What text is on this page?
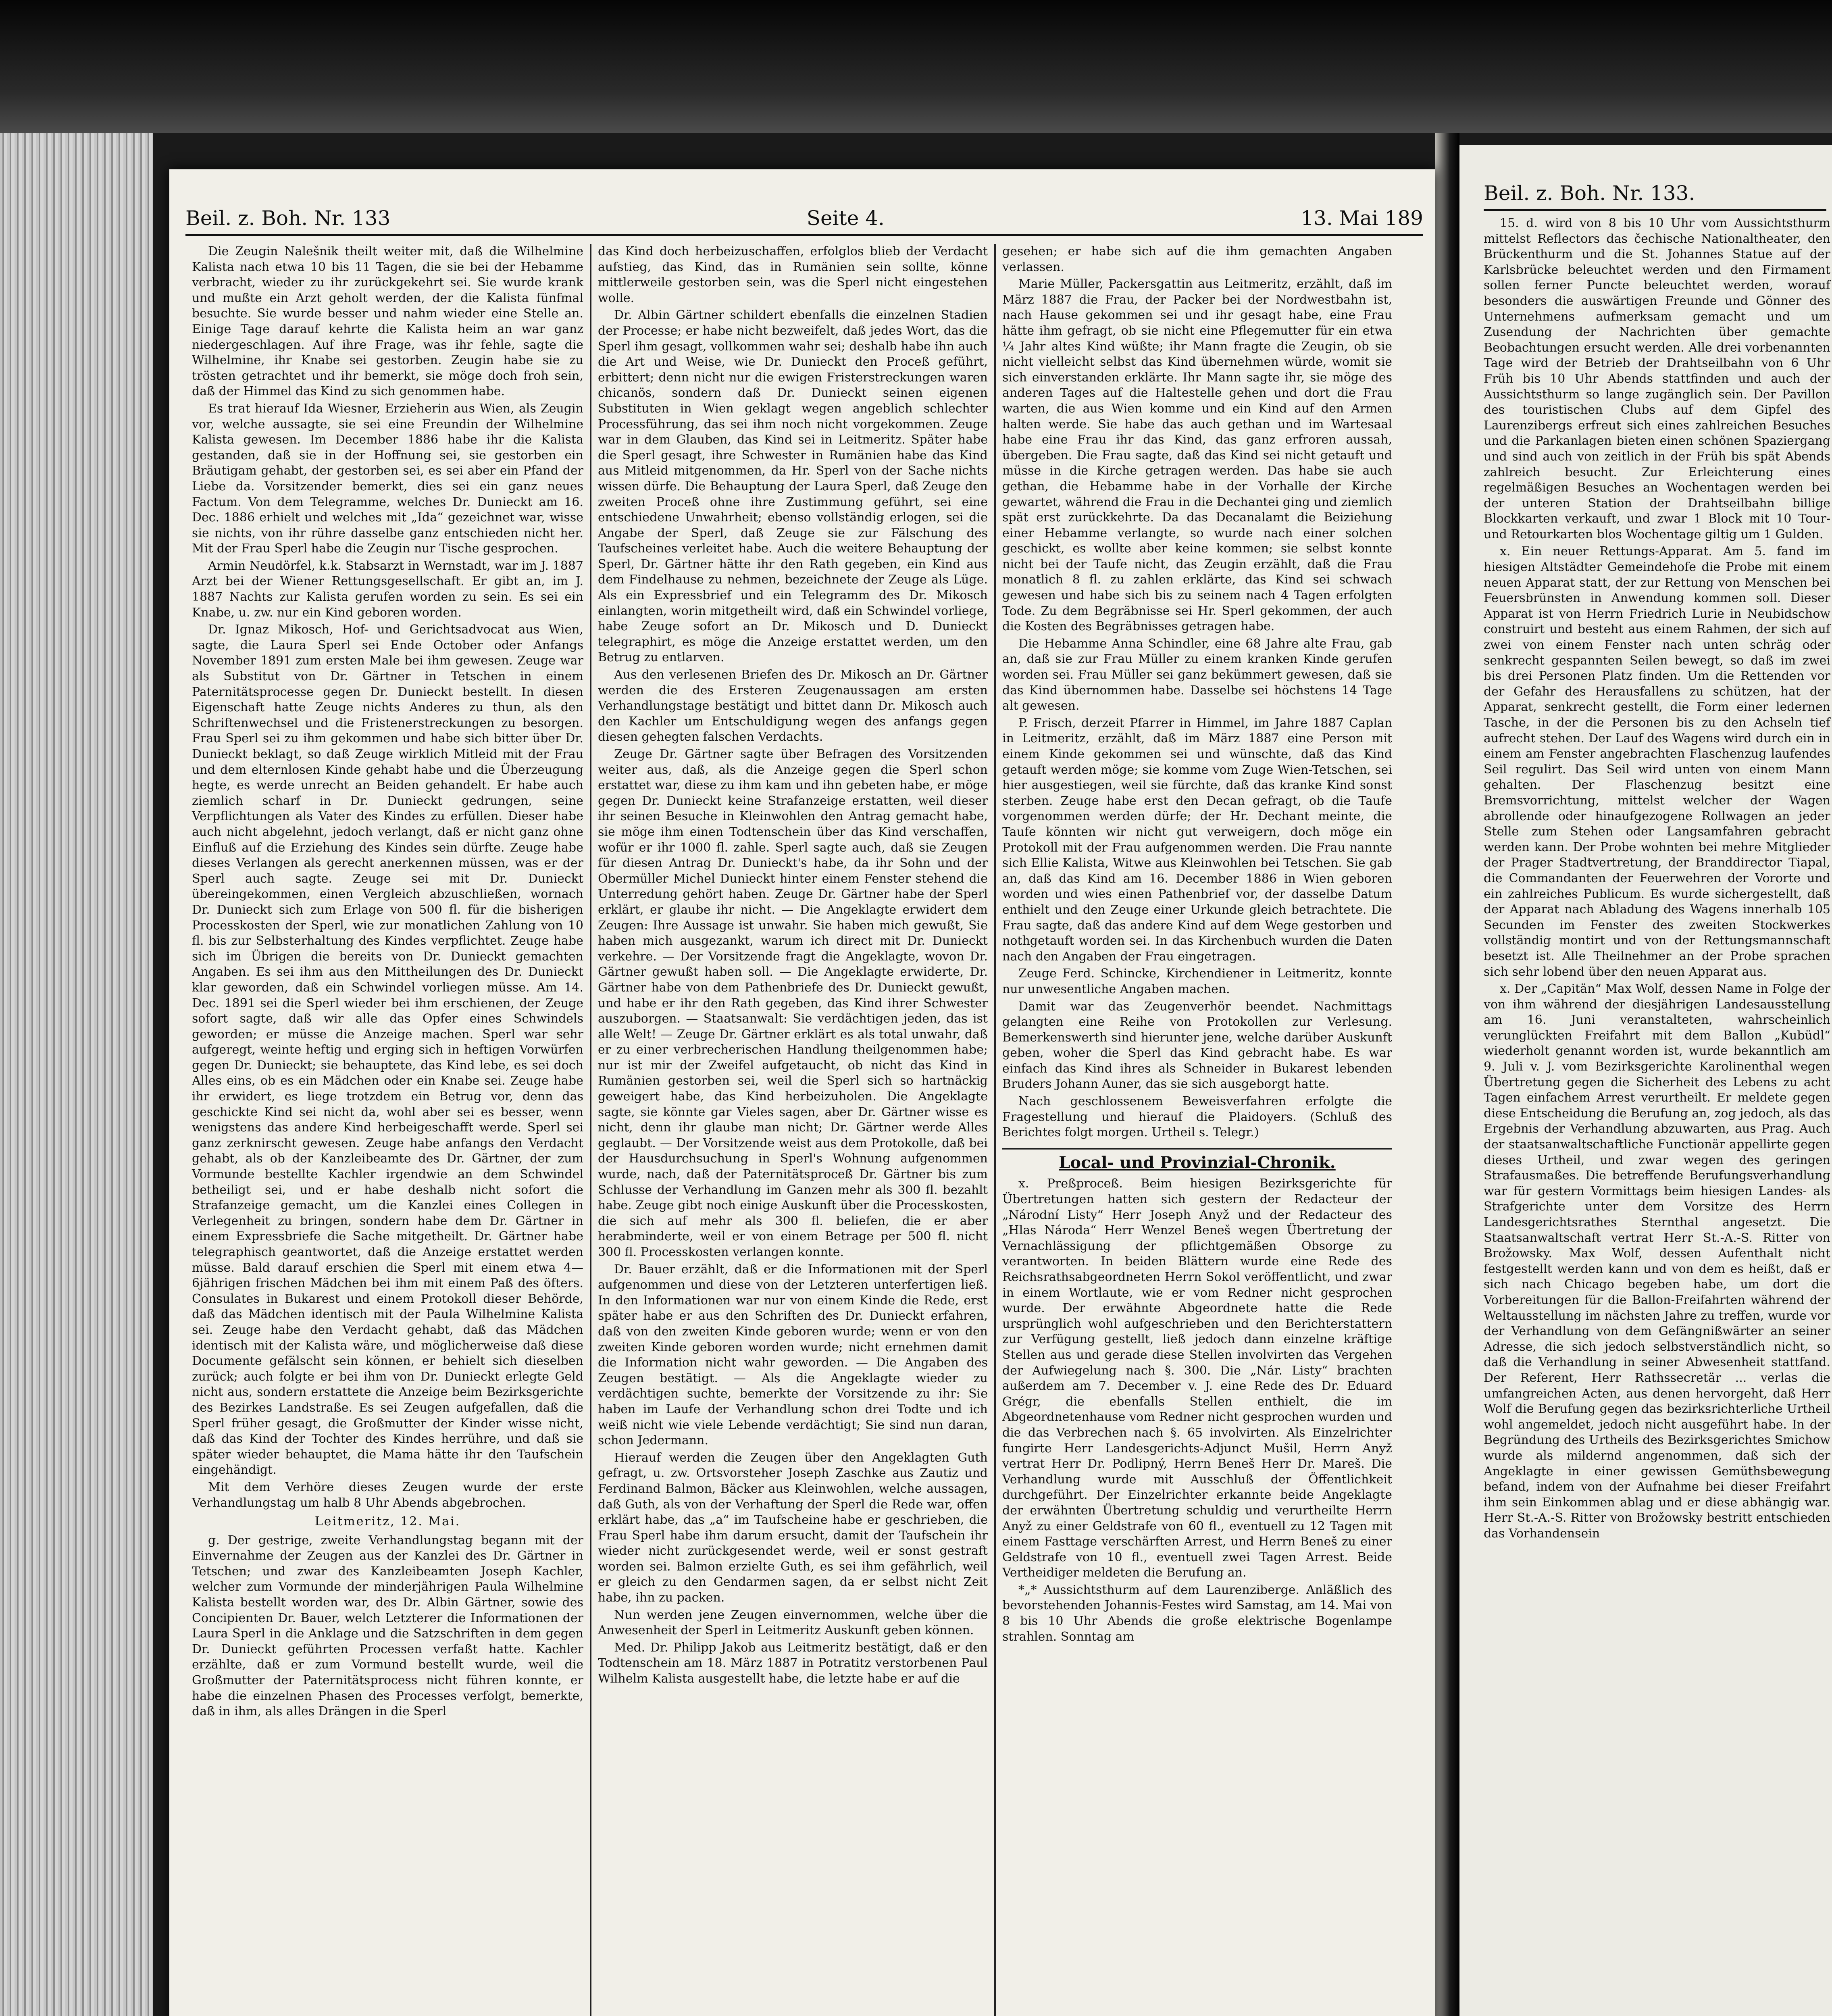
Beil. z. Boh. Nr. 133	Seite 4.	13. Mai 189

Die Zeugin Nalešnik theilt weiter mit, daß die Wilhelmine Kalista nach etwa 10 bis 11 Tagen, die sie bei der Hebamme verbracht, wieder zu ihr zurückgekehrt sei. Sie wurde krank und mußte ein Arzt geholt werden, der die Kalista fünfmal besuchte. Sie wurde besser und nahm wieder eine Stelle an. Einige Tage darauf kehrte die Kalista heim an war ganz niedergeschlagen. Auf ihre Frage, was ihr fehle, sagte die Wilhelmine, ihr Knabe sei gestorben. Zeugin habe sie zu trösten getrachtet und ihr bemerkt, sie möge doch froh sein, daß der Himmel das Kind zu sich genommen habe.

Es trat hierauf Ida Wiesner, Erzieherin aus Wien, als Zeugin vor, welche aussagte, sie sei eine Freundin der Wilhelmine Kalista gewesen. Im December 1886 habe ihr die Kalista gestanden, daß sie in der Hoffnung sei, sie gestorben ein Bräutigam gehabt, der gestorben sei, es sei aber ein Pfand der Liebe da. Vorsitzender bemerkt, dies sei ein ganz neues Factum. Von dem Telegramme, welches Dr. Dunieckt am 16. Dec. 1886 erhielt und welches mit „Ida“ gezeichnet war, wisse sie nichts, von ihr rühre dasselbe ganz entschieden nicht her. Mit der Frau Sperl habe die Zeugin nur Tische gesprochen.

Armin Neudörfel, k.k. Stabsarzt in Wernstadt, war im J. 1887 Arzt bei der Wiener Rettungsgesellschaft. Er gibt an, im J. 1887 Nachts zur Kalista gerufen worden zu sein. Es sei ein Knabe, u. zw. nur ein Kind geboren worden.

Dr. Ignaz Mikosch, Hof- und Gerichtsadvocat aus Wien, sagte, die Laura Sperl sei Ende October oder Anfangs November 1891 zum ersten Male bei ihm gewesen. Zeuge war als Substitut von Dr. Gärtner in Tetschen in einem Paternitätsprocesse gegen Dr. Dunieckt bestellt. In diesen Eigenschaft hatte Zeuge nichts Anderes zu thun, als den Schriftenwechsel und die Fristenerstreckungen zu besorgen. Frau Sperl sei zu ihm gekommen und habe sich bitter über Dr. Dunieckt beklagt, so daß Zeuge wirklich Mitleid mit der Frau und dem elternlosen Kinde gehabt habe und die Überzeugung hegte, es werde unrecht an Beiden gehandelt. Er habe auch ziemlich scharf in Dr. Dunieckt gedrungen, seine Verpflichtungen als Vater des Kindes zu erfüllen. Dieser habe auch nicht abgelehnt, jedoch verlangt, daß er nicht ganz ohne Einfluß auf die Erziehung des Kindes sein dürfte. Zeuge habe dieses Verlangen als gerecht anerkennen müssen, was er der Sperl auch sagte. Zeuge sei mit Dr. Dunieckt übereingekommen, einen Vergleich abzuschließen, wornach Dr. Dunieckt sich zum Erlage von 500 fl. für die bisherigen Processkosten der Sperl, wie zur monatlichen Zahlung von 10 fl. bis zur Selbsterhaltung des Kindes verpflichtet. Zeuge habe sich im Übrigen die bereits von Dr. Dunieckt gemachten Angaben. Es sei ihm aus den Mittheilungen des Dr. Dunieckt klar geworden, daß ein Schwindel vorliegen müsse. Am 14. Dec. 1891 sei die Sperl wieder bei ihm erschienen, der Zeuge sofort sagte, daß wir alle das Opfer eines Schwindels geworden; er müsse die Anzeige machen. Sperl war sehr aufgeregt, weinte heftig und erging sich in heftigen Vorwürfen gegen Dr. Dunieckt; sie behauptete, das Kind lebe, es sei doch Alles eins, ob es ein Mädchen oder ein Knabe sei. Zeuge habe ihr erwidert, es liege trotzdem ein Betrug vor, denn das geschickte Kind sei nicht da, wohl aber sei es besser, wenn wenigstens das andere Kind herbeigeschafft werde. Sperl sei ganz zerknirscht gewesen. Zeuge habe anfangs den Verdacht gehabt, als ob der Kanzleibeamte des Dr. Gärtner, der zum Vormunde bestellte Kachler irgendwie an dem Schwindel betheiligt sei, und er habe deshalb nicht sofort die Strafanzeige gemacht, um die Kanzlei eines Collegen in Verlegenheit zu bringen, sondern habe dem Dr. Gärtner in einem Expressbriefe die Sache mitgetheilt. Dr. Gärtner habe telegraphisch geantwortet, daß die Anzeige erstattet werden müsse. Bald darauf erschien die Sperl mit einem etwa 4—6jährigen frischen Mädchen bei ihm mit einem Paß des öfters. Consulates in Bukarest und einem Protokoll dieser Behörde, daß das Mädchen identisch mit der Paula Wilhelmine Kalista sei. Zeuge habe den Verdacht gehabt, daß das Mädchen identisch mit der Kalista wäre, und möglicherweise daß diese Documente gefälscht sein können, er behielt sich dieselben zurück; auch folgte er bei ihm von Dr. Dunieckt erlegte Geld nicht aus, sondern erstattete die Anzeige beim Bezirksgerichte des Bezirkes Landstraße. Es sei Zeugen aufgefallen, daß die Sperl früher gesagt, die Großmutter der Kinder wisse nicht, daß das Kind der Tochter des Kindes herrühre, und daß sie später wieder behauptet, die Mama hätte ihr den Taufschein eingehändigt.

Mit dem Verhöre dieses Zeugen wurde der erste Verhandlungstag um halb 8 Uhr Abends abgebrochen.

Leitmeritz, 12. Mai.

g. Der gestrige, zweite Verhandlungstag begann mit der Einvernahme der Zeugen aus der Kanzlei des Dr. Gärtner in Tetschen; und zwar des Kanzleibeamten Joseph Kachler, welcher zum Vormunde der minderjährigen Paula Wilhelmine Kalista bestellt worden war, des Dr. Albin Gärtner, sowie des Concipienten Dr. Bauer, welch Letzterer die Informationen der Laura Sperl in die Anklage und die Satzschriften in dem gegen Dr. Dunieckt geführten Processen verfaßt hatte. Kachler erzählte, daß er zum Vormund bestellt wurde, weil die Großmutter der Paternitätsprocess nicht führen konnte, er habe die einzelnen Phasen des Processes verfolgt, bemerkte, daß in ihm, als alles Drängen in die Sperl

das Kind doch herbeizuschaffen, erfolglos blieb der Verdacht aufstieg, das Kind, das in Rumänien sein sollte, könne mittlerweile gestorben sein, was die Sperl nicht eingestehen wolle.

Dr. Albin Gärtner schildert ebenfalls die einzelnen Stadien der Processe; er habe nicht bezweifelt, daß jedes Wort, das die Sperl ihm gesagt, vollkommen wahr sei; deshalb habe ihn auch die Art und Weise, wie Dr. Dunieckt den Proceß geführt, erbittert; denn nicht nur die ewigen Fristerstreckungen waren chicanös, sondern daß Dr. Dunieckt seinen eigenen Substituten in Wien geklagt wegen angeblich schlechter Processführung, das sei ihm noch nicht vorgekommen. Zeuge war in dem Glauben, das Kind sei in Leitmeritz. Später habe die Sperl gesagt, ihre Schwester in Rumänien habe das Kind aus Mitleid mitgenommen, da Hr. Sperl von der Sache nichts wissen dürfe. Die Behauptung der Laura Sperl, daß Zeuge den zweiten Proceß ohne ihre Zustimmung geführt, sei eine entschiedene Unwahrheit; ebenso vollständig erlogen, sei die Angabe der Sperl, daß Zeuge sie zur Fälschung des Taufscheines verleitet habe. Auch die weitere Behauptung der Sperl, Dr. Gärtner hätte ihr den Rath gegeben, ein Kind aus dem Findelhause zu nehmen, bezeichnete der Zeuge als Lüge. Als ein Expressbrief und ein Telegramm des Dr. Mikosch einlangten, worin mitgetheilt wird, daß ein Schwindel vorliege, habe Zeuge sofort an Dr. Mikosch und D. Dunieckt telegraphirt, es möge die Anzeige erstattet werden, um den Betrug zu entlarven.

Aus den verlesenen Briefen des Dr. Mikosch an Dr. Gärtner werden die des Ersteren Zeugenaussagen am ersten Verhandlungstage bestätigt und bittet dann Dr. Mikosch auch den Kachler um Entschuldigung wegen des anfangs gegen diesen gehegten falschen Verdachts.

Zeuge Dr. Gärtner sagte über Befragen des Vorsitzenden weiter aus, daß, als die Anzeige gegen die Sperl schon erstattet war, diese zu ihm kam und ihn gebeten habe, er möge gegen Dr. Dunieckt keine Strafanzeige erstatten, weil dieser ihr seinen Besuche in Kleinwohlen den Antrag gemacht habe, sie möge ihm einen Todtenschein über das Kind verschaffen, wofür er ihr 1000 fl. zahle. Sperl sagte auch, daß sie Zeugen für diesen Antrag Dr. Dunieckt's habe, da ihr Sohn und der Obermüller Michel Dunieckt hinter einem Fenster stehend die Unterredung gehört haben. Zeuge Dr. Gärtner habe der Sperl erklärt, er glaube ihr nicht. — Die Angeklagte erwidert dem Zeugen: Ihre Aussage ist unwahr. Sie haben mich gewußt, Sie haben mich ausgezankt, warum ich direct mit Dr. Dunieckt verkehre. — Der Vorsitzende fragt die Angeklagte, wovon Dr. Gärtner gewußt haben soll. — Die Angeklagte erwiderte, Dr. Gärtner habe von dem Pathenbriefe des Dr. Dunieckt gewußt, und habe er ihr den Rath gegeben, das Kind ihrer Schwester auszuborgen. — Staatsanwalt: Sie verdächtigen jeden, das ist alle Welt! — Zeuge Dr. Gärtner erklärt es als total unwahr, daß er zu einer verbrecherischen Handlung theilgenommen habe; nur ist mir der Zweifel aufgetaucht, ob nicht das Kind in Rumänien gestorben sei, weil die Sperl sich so hartnäckig geweigert habe, das Kind herbeizuholen. Die Angeklagte sagte, sie könnte gar Vieles sagen, aber Dr. Gärtner wisse es nicht, denn ihr glaube man nicht; Dr. Gärtner werde Alles geglaubt. — Der Vorsitzende weist aus dem Protokolle, daß bei der Hausdurchsuchung in Sperl's Wohnung aufgenommen wurde, nach, daß der Paternitätsproceß Dr. Gärtner bis zum Schlusse der Verhandlung im Ganzen mehr als 300 fl. bezahlt habe. Zeuge gibt noch einige Auskunft über die Processkosten, die sich auf mehr als 300 fl. beliefen, die er aber herabminderte, weil er von einem Betrage per 500 fl. nicht 300 fl. Processkosten verlangen konnte.

Dr. Bauer erzählt, daß er die Informationen mit der Sperl aufgenommen und diese von der Letzteren unterfertigen ließ. In den Informationen war nur von einem Kinde die Rede, erst später habe er aus den Schriften des Dr. Dunieckt erfahren, daß von den zweiten Kinde geboren wurde; wenn er von den zweiten Kinde geboren worden wurde; nicht ernehmen damit die Information nicht wahr geworden. — Die Angaben des Zeugen bestätigt. — Als die Angeklagte wieder zu verdächtigen suchte, bemerkte der Vorsitzende zu ihr: Sie haben im Laufe der Verhandlung schon drei Todte und ich weiß nicht wie viele Lebende verdächtigt; Sie sind nun daran, schon Jedermann.

Hierauf werden die Zeugen über den Angeklagten Guth gefragt, u. zw. Ortsvorsteher Joseph Zaschke aus Zautiz und Ferdinand Balmon, Bäcker aus Kleinwohlen, welche aussagen, daß Guth, als von der Verhaftung der Sperl die Rede war, offen erklärt habe, das „a“ im Taufscheine habe er geschrieben, die Frau Sperl habe ihm darum ersucht, damit der Taufschein ihr wieder nicht zurückgesendet werde, weil er sonst gestraft worden sei. Balmon erzielte Guth, es sei ihm gefährlich, weil er gleich zu den Gendarmen sagen, da er selbst nicht Zeit habe, ihn zu packen.

Nun werden jene Zeugen einvernommen, welche über die Anwesenheit der Sperl in Leitmeritz Auskunft geben können.

Med. Dr. Philipp Jakob aus Leitmeritz bestätigt, daß er den Todtenschein am 18. März 1887 in Potratitz verstorbenen Paul Wilhelm Kalista ausgestellt habe, die letzte habe er auf die

gesehen; er habe sich auf die ihm gemachten Angaben verlassen.

Marie Müller, Packersgattin aus Leitmeritz, erzählt, daß im März 1887 die Frau, der Packer bei der Nordwestbahn ist, nach Hause gekommen sei und ihr gesagt habe, eine Frau hätte ihm gefragt, ob sie nicht eine Pflegemutter für ein etwa ¼ Jahr altes Kind wüßte; ihr Mann fragte die Zeugin, ob sie nicht vielleicht selbst das Kind übernehmen würde, womit sie sich einverstanden erklärte. Ihr Mann sagte ihr, sie möge des anderen Tages auf die Haltestelle gehen und dort die Frau warten, die aus Wien komme und ein Kind auf den Armen halten werde. Sie habe das auch gethan und im Wartesaal habe eine Frau ihr das Kind, das ganz erfroren aussah, übergeben. Die Frau sagte, daß das Kind sei nicht getauft und müsse in die Kirche getragen werden. Das habe sie auch gethan, die Hebamme habe in der Vorhalle der Kirche gewartet, während die Frau in die Dechantei ging und ziemlich spät erst zurückkehrte. Da das Decanalamt die Beiziehung einer Hebamme verlangte, so wurde nach einer solchen geschickt, es wollte aber keine kommen; sie selbst konnte nicht bei der Taufe nicht, das Zeugin erzählt, daß die Frau monatlich 8 fl. zu zahlen erklärte, das Kind sei schwach gewesen und habe sich bis zu seinem nach 4 Tagen erfolgten Tode. Zu dem Begräbnisse sei Hr. Sperl gekommen, der auch die Kosten des Begräbnisses getragen habe.

Die Hebamme Anna Schindler, eine 68 Jahre alte Frau, gab an, daß sie zur Frau Müller zu einem kranken Kinde gerufen worden sei. Frau Müller sei ganz bekümmert gewesen, daß sie das Kind übernommen habe. Dasselbe sei höchstens 14 Tage alt gewesen.

P. Frisch, derzeit Pfarrer in Himmel, im Jahre 1887 Caplan in Leitmeritz, erzählt, daß im März 1887 eine Person mit einem Kinde gekommen sei und wünschte, daß das Kind getauft werden möge; sie komme vom Zuge Wien-Tetschen, sei hier ausgestiegen, weil sie fürchte, daß das kranke Kind sonst sterben. Zeuge habe erst den Decan gefragt, ob die Taufe vorgenommen werden dürfe; der Hr. Dechant meinte, die Taufe könnten wir nicht gut verweigern, doch möge ein Protokoll mit der Frau aufgenommen werden. Die Frau nannte sich Ellie Kalista, Witwe aus Kleinwohlen bei Tetschen. Sie gab an, daß das Kind am 16. December 1886 in Wien geboren worden und wies einen Pathenbrief vor, der dasselbe Datum enthielt und den Zeuge einer Urkunde gleich betrachtete. Die Frau sagte, daß das andere Kind auf dem Wege gestorben und nothgetauft worden sei. In das Kirchenbuch wurden die Daten nach den Angaben der Frau eingetragen.

Zeuge Ferd. Schincke, Kirchendiener in Leitmeritz, konnte nur unwesentliche Angaben machen.

Damit war das Zeugenverhör beendet. Nachmittags gelangten eine Reihe von Protokollen zur Verlesung. Bemerkenswerth sind hierunter jene, welche darüber Auskunft geben, woher die Sperl das Kind gebracht habe. Es war einfach das Kind ihres als Schneider in Bukarest lebenden Bruders Johann Auner, das sie sich ausgeborgt hatte.

Nach geschlossenem Beweisverfahren erfolgte die Fragestellung und hierauf die Plaidoyers. (Schluß des Berichtes folgt morgen. Urtheil s. Telegr.)

Local- und Provinzial-Chronik.

x. Preßproceß. Beim hiesigen Bezirksgerichte für Übertretungen hatten sich gestern der Redacteur der „Národní Listy“ Herr Joseph Anyž und der Redacteur des „Hlas Národa“ Herr Wenzel Beneš wegen Übertretung der Vernachlässigung der pflichtgemäßen Obsorge zu verantworten. In beiden Blättern wurde eine Rede des Reichsrathsabgeordneten Herrn Sokol veröffentlicht, und zwar in einem Wortlaute, wie er vom Redner nicht gesprochen wurde. Der erwähnte Abgeordnete hatte die Rede ursprünglich wohl aufgeschrieben und den Berichterstattern zur Verfügung gestellt, ließ jedoch dann einzelne kräftige Stellen aus und gerade diese Stellen involvirten das Vergehen der Aufwiegelung nach §. 300. Die „Nár. Listy“ brachten außerdem am 7. December v. J. eine Rede des Dr. Eduard Grégr, die ebenfalls Stellen enthielt, die im Abgeordnetenhause vom Redner nicht gesprochen wurden und die das Verbrechen nach §. 65 involvirten. Als Einzelrichter fungirte Herr Landesgerichts-Adjunct Mušil, Herrn Anyž vertrat Herr Dr. Podlipný, Herrn Beneš Herr Dr. Mareš. Die Verhandlung wurde mit Ausschluß der Öffentlichkeit durchgeführt. Der Einzelrichter erkannte beide Angeklagte der erwähnten Übertretung schuldig und verurtheilte Herrn Anyž zu einer Geldstrafe von 60 fl., eventuell zu 12 Tagen mit einem Fasttage verschärften Arrest, und Herrn Beneš zu einer Geldstrafe von 10 fl., eventuell zwei Tagen Arrest. Beide Vertheidiger meldeten die Berufung an.

*„* Aussichtsthurm auf dem Laurenziberge. Anläßlich des bevorstehenden Johannis-Festes wird Samstag, am 14. Mai von 8 bis 10 Uhr Abends die große elektrische Bogenlampe strahlen. Sonntag am

Beil. z. Boh. Nr. 133.

15. d. wird von 8 bis 10 Uhr vom Aussichtsthurm mittelst Reflectors das čechische Nationaltheater, den Brückenthurm und die St. Johannes Statue auf der Karlsbrücke beleuchtet werden und den Firmament sollen ferner Puncte beleuchtet werden, worauf besonders die auswärtigen Freunde und Gönner des Unternehmens aufmerksam gemacht und um Zusendung der Nachrichten über gemachte Beobachtungen ersucht werden. Alle drei vorbenannten Tage wird der Betrieb der Drahtseilbahn von 6 Uhr Früh bis 10 Uhr Abends stattfinden und auch der Aussichtsthurm so lange zugänglich sein. Der Pavillon des touristischen Clubs auf dem Gipfel des Laurenzibergs erfreut sich eines zahlreichen Besuches und die Parkanlagen bieten einen schönen Spaziergang und sind auch von zeitlich in der Früh bis spät Abends zahlreich besucht. Zur Erleichterung eines regelmäßigen Besuches an Wochentagen werden bei der unteren Station der Drahtseilbahn billige Blockkarten verkauft, und zwar 1 Block mit 10 Tour- und Retourkarten blos Wochentage giltig um 1 Gulden.

x. Ein neuer Rettungs-Apparat. Am 5. fand im hiesigen Altstädter Gemeindehofe die Probe mit einem neuen Apparat statt, der zur Rettung von Menschen bei Feuersbrünsten in Anwendung kommen soll. Dieser Apparat ist von Herrn Friedrich Lurie in Neubidschow construirt und besteht aus einem Rahmen, der sich auf zwei von einem Fenster nach unten schräg oder senkrecht gespannten Seilen bewegt, so daß im zwei bis drei Personen Platz finden. Um die Rettenden vor der Gefahr des Herausfallens zu schützen, hat der Apparat, senkrecht gestellt, die Form einer ledernen Tasche, in der die Personen bis zu den Achseln tief aufrecht stehen. Der Lauf des Wagens wird durch ein in einem am Fenster angebrachten Flaschenzug laufendes Seil regulirt. Das Seil wird unten von einem Mann gehalten. Der Flaschenzug besitzt eine Bremsvorrichtung, mittelst welcher der Wagen abrollende oder hinaufgezogene Rollwagen an jeder Stelle zum Stehen oder Langsamfahren gebracht werden kann. Der Probe wohnten bei mehre Mitglieder der Prager Stadtvertretung, der Branddirector Tiapal, die Commandanten der Feuerwehren der Vororte und ein zahlreiches Publicum. Es wurde sichergestellt, daß der Apparat nach Abladung des Wagens innerhalb 105 Secunden im Fenster des zweiten Stockwerkes vollständig montirt und von der Rettungsmannschaft besetzt ist. Alle Theilnehmer an der Probe sprachen sich sehr lobend über den neuen Apparat aus.

x. Der „Capitän“ Max Wolf, dessen Name in Folge der von ihm während der diesjährigen Landesausstellung am 16. Juni veranstalteten, wahrscheinlich verunglückten Freifahrt mit dem Ballon „Kubüdl“ wiederholt genannt worden ist, wurde bekanntlich am 9. Juli v. J. vom Bezirksgerichte Karolinenthal wegen Übertretung gegen die Sicherheit des Lebens zu acht Tagen einfachem Arrest verurtheilt. Er meldete gegen diese Entscheidung die Berufung an, zog jedoch, als das Ergebnis der Verhandlung abzuwarten, aus Prag. Auch der staatsanwaltschaftliche Functionär appellirte gegen dieses Urtheil, und zwar wegen des geringen Strafausmaßes. Die betreffende Berufungsverhandlung war für gestern Vormittags beim hiesigen Landes- als Strafgerichte unter dem Vorsitze des Herrn Landesgerichtsrathes Sternthal angesetzt. Die Staatsanwaltschaft vertrat Herr St.-A.-S. Ritter von Brožowsky. Max Wolf, dessen Aufenthalt nicht festgestellt werden kann und von dem es heißt, daß er sich nach Chicago begeben habe, um dort die Vorbereitungen für die Ballon-Freifahrten während der Weltausstellung im nächsten Jahre zu treffen, wurde vor der Verhandlung von dem Gefängnißwärter an seiner Adresse, die sich jedoch selbstverständlich nicht, so daß die Verhandlung in seiner Abwesenheit stattfand. Der Referent, Herr Rathssecretär ... verlas die umfangreichen Acten, aus denen hervorgeht, daß Herr Wolf die Berufung gegen das bezirksrichterliche Urtheil wohl angemeldet, jedoch nicht ausgeführt habe. In der Begründung des Urtheils des Bezirksgerichtes Smichow wurde als mildernd angenommen, daß sich der Angeklagte in einer gewissen Gemüthsbewegung befand, indem von der Aufnahme bei dieser Freifahrt ihm sein Einkommen ablag und er diese abhängig war. Herr St.-A.-S. Ritter von Brožowsky bestritt entschieden das Vorhandensein
